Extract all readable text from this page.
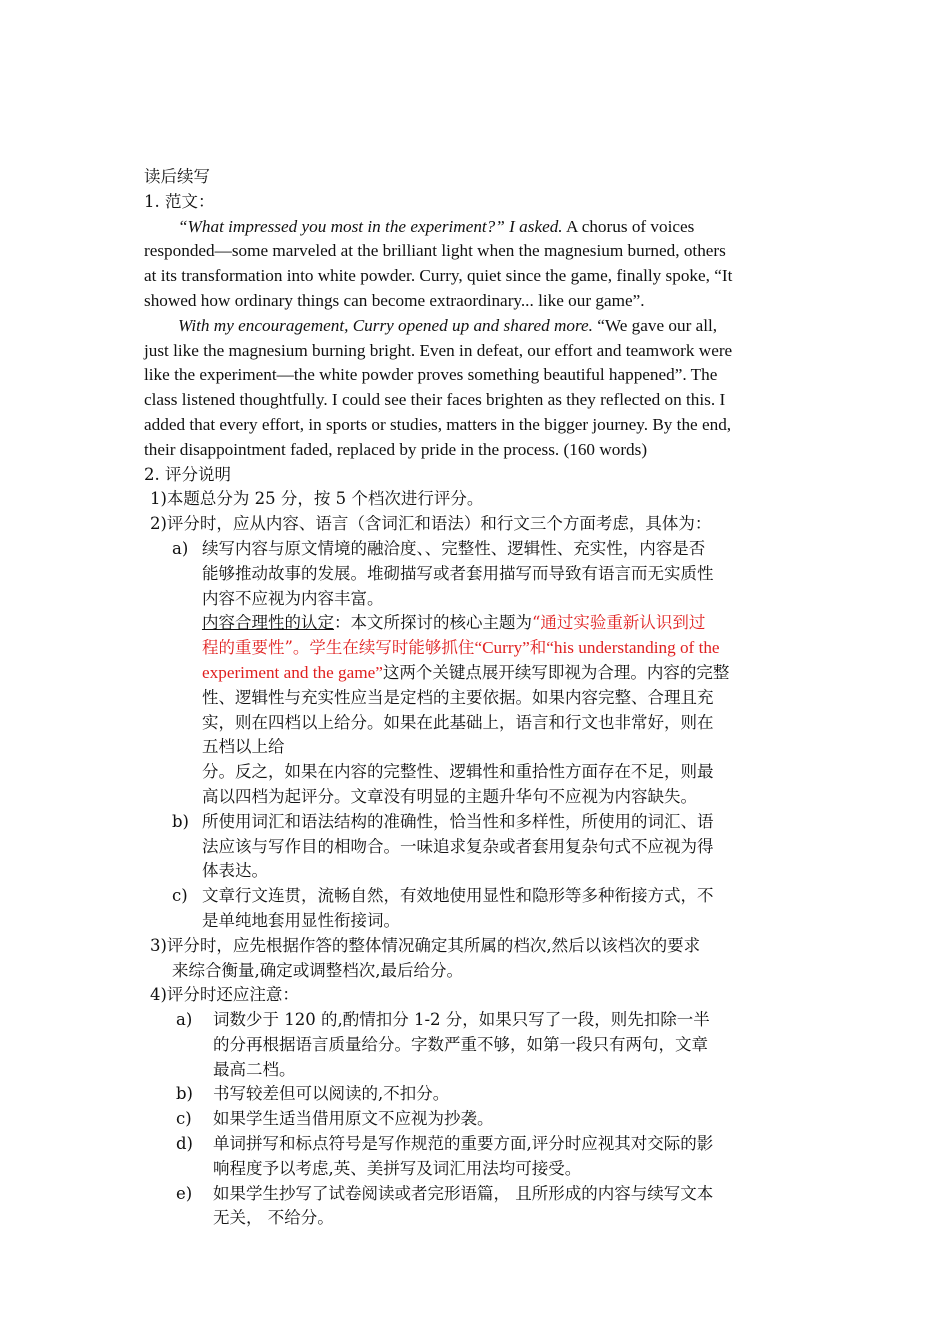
读后续写
1. 范文：
“What impressed you most in the experiment?” I asked. A chorus of voices
responded—some marveled at the brilliant light when the magnesium burned, others
at its transformation into white powder. Curry, quiet since the game, finally spoke, “It
showed how ordinary things can become extraordinary... like our game”.
With my encouragement, Curry opened up and shared more. “We gave our all,
just like the magnesium burning bright. Even in defeat, our effort and teamwork were
like the experiment—the white powder proves something beautiful happened”. The
class listened thoughtfully. I could see their faces brighten as they reflected on this. I
added that every effort, in sports or studies, matters in the bigger journey. By the end,
their disappointment faded, replaced by pride in the process. (160 words)
2. 评分说明
1)本题总分为 25 分，按 5 个档次进行评分。
2)评分时，应从内容、语言（含词汇和语法）和行文三个方面考虑，具体为：
a) 续写内容与原文情境的融洽度、、完整性、逻辑性、充实性，内容是否
能够推动故事的发展。堆砌描写或者套用描写而导致有语言而无实质性
内容不应视为内容丰富。
内容合理性的认定：本文所探讨的核心主题为“通过实验重新认识到过
程的重要性”。学生在续写时能够抓住“Curry”和“his understanding of the
experiment and the game”这两个关键点展开续写即视为合理。内容的完整
性、逻辑性与充实性应当是定档的主要依据。如果内容完整、合理且充
实，则在四档以上给分。如果在此基础上，语言和行文也非常好，则在
五档以上给
分。反之，如果在内容的完整性、逻辑性和重拾性方面存在不足，则最
高以四档为起评分。文章没有明显的主题升华句不应视为内容缺失。
b) 所使用词汇和语法结构的准确性，恰当性和多样性，所使用的词汇、语
法应该与写作目的相吻合。一味追求复杂或者套用复杂句式不应视为得
体表达。
c) 文章行文连贯，流畅自然，有效地使用显性和隐形等多种衔接方式，不
是单纯地套用显性衔接词。
3)评分时，应先根据作答的整体情况确定其所属的档次,然后以该档次的要求
来综合衡量,确定或调整档次,最后给分。
4)评分时还应注意：
a) 词数少于 120 的,酌情扣分 1-2 分，如果只写了一段，则先扣除一半
的分再根据语言质量给分。字数严重不够，如第一段只有两句，文章
最高二档。
b) 书写较差但可以阅读的,不扣分。
c) 如果学生适当借用原文不应视为抄袭。
d) 单词拼写和标点符号是写作规范的重要方面,评分时应视其对交际的影
响程度予以考虑,英、美拼写及词汇用法均可接受。
e) 如果学生抄写了试卷阅读或者完形语篇， 且所形成的内容与续写文本
无关， 不给分。
